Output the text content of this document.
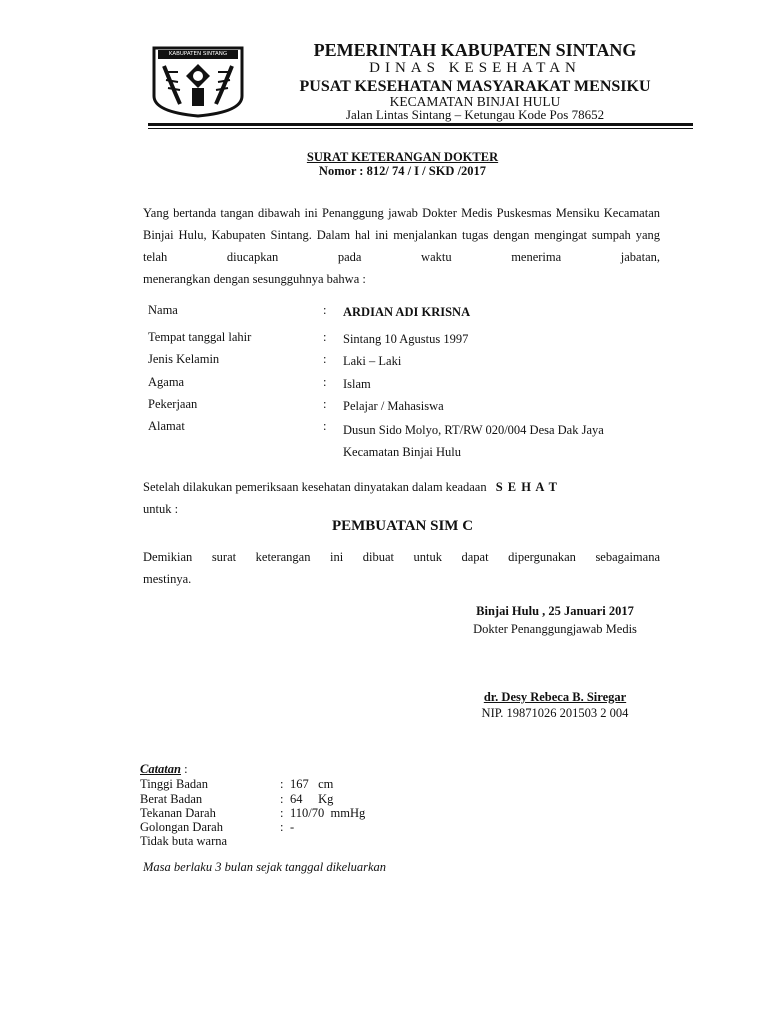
KABUPATEN SINTANG	PEMERINTAH KABUPATEN SINTANG
DINAS KESEHATAN
PUSAT KESEHATAN MASYARAKAT MENSIKU
KECAMATAN BINJAI HULU
Jalan Lintas Sintang – Ketungau Kode Pos 78652
SURAT KETERANGAN DOKTER
Nomor : 812/ 74 / I / SKD /2017
Yang bertanda tangan dibawah ini Penanggung jawab Dokter Medis Puskesmas Mensiku Kecamatan Binjai Hulu, Kabupaten Sintang. Dalam hal ini menjalankan tugas dengan mengingat sumpah yang telah diucapkan pada waktu menerima jabatan,
menerangkan dengan sesungguhnya bahwa :
Nama	: ARDIAN ADI KRISNA
Tempat tanggal lahir	: Sintang 10 Agustus 1997
Jenis Kelamin	: Laki – Laki
Agama	: Islam
Pekerjaan	: Pelajar / Mahasiswa
Alamat	: Dusun Sido Molyo, RT/RW 020/004 Desa Dak Jaya Kecamatan Binjai Hulu
Setelah dilakukan pemeriksaan kesehatan dinyatakan dalam keadaan S E H A T
untuk :
PEMBUATAN SIM C
Demikian surat keterangan ini dibuat untuk dapat dipergunakan sebagaimana
mestinya.
Binjai Hulu , 25 Januari 2017
Dokter Penanggungjawab Medis
dr. Desy Rebeca B. Siregar
NIP. 19871026 201503 2 004
Catatan :
Tinggi Badan	: 167   cm
Berat Badan	: 64     Kg
Tekanan Darah	: 110/70  mmHg
Golongan Darah	: -
Tidak buta warna
Masa berlaku 3 bulan sejak tanggal dikeluarkan
